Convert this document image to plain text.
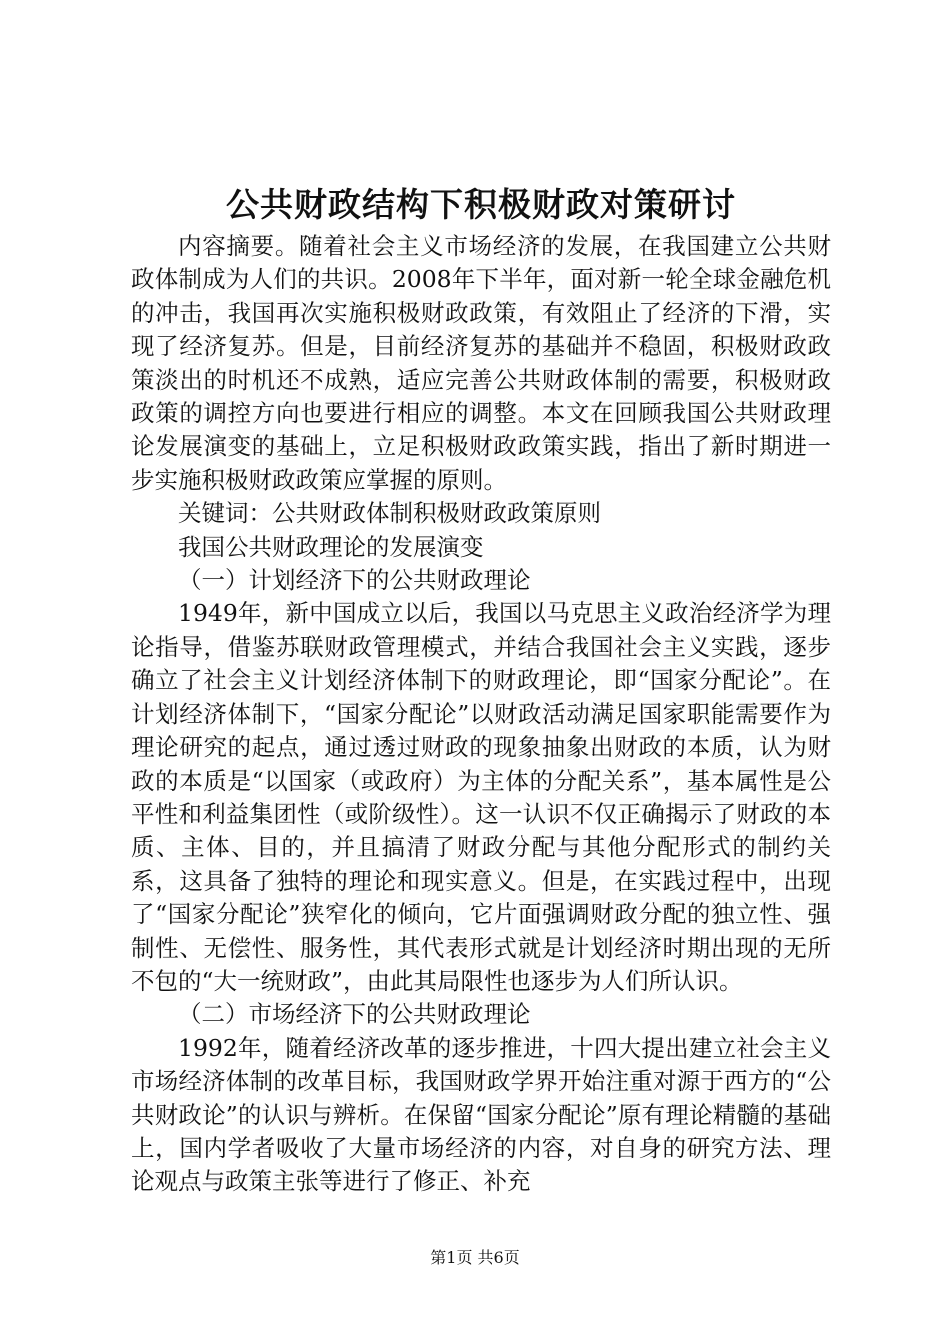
公共财政结构下积极财政对策研讨

内容摘要。随着社会主义市场经济的发展，在我国建立公共财政体制成为人们的共识。2008年下半年，面对新一轮全球金融危机的冲击，我国再次实施积极财政政策，有效阻止了经济的下滑，实现了经济复苏。但是，目前经济复苏的基础并不稳固，积极财政政策淡出的时机还不成熟，适应完善公共财政体制的需要，积极财政政策的调控方向也要进行相应的调整。本文在回顾我国公共财政理论发展演变的基础上，立足积极财政政策实践，指出了新时期进一步实施积极财政政策应掌握的原则。

关键词：公共财政体制积极财政政策原则

我国公共财政理论的发展演变

（一）计划经济下的公共财政理论

1949年，新中国成立以后，我国以马克思主义政治经济学为理论指导，借鉴苏联财政管理模式，并结合我国社会主义实践，逐步确立了社会主义计划经济体制下的财政理论，即“国家分配论”。在计划经济体制下，“国家分配论”以财政活动满足国家职能需要作为理论研究的起点，通过透过财政的现象抽象出财政的本质，认为财政的本质是“以国家（或政府）为主体的分配关系”，基本属性是公平性和利益集团性（或阶级性）。这一认识不仅正确揭示了财政的本质、主体、目的，并且搞清了财政分配与其他分配形式的制约关系，这具备了独特的理论和现实意义。但是，在实践过程中，出现了“国家分配论”狭窄化的倾向，它片面强调财政分配的独立性、强制性、无偿性、服务性，其代表形式就是计划经济时期出现的无所不包的“大一统财政”，由此其局限性也逐步为人们所认识。

（二）市场经济下的公共财政理论

1992年，随着经济改革的逐步推进，十四大提出建立社会主义市场经济体制的改革目标，我国财政学界开始注重对源于西方的“公共财政论”的认识与辨析。在保留“国家分配论”原有理论精髓的基础上，国内学者吸收了大量市场经济的内容，对自身的研究方法、理论观点与政策主张等进行了修正、补充

第1页 共6页
